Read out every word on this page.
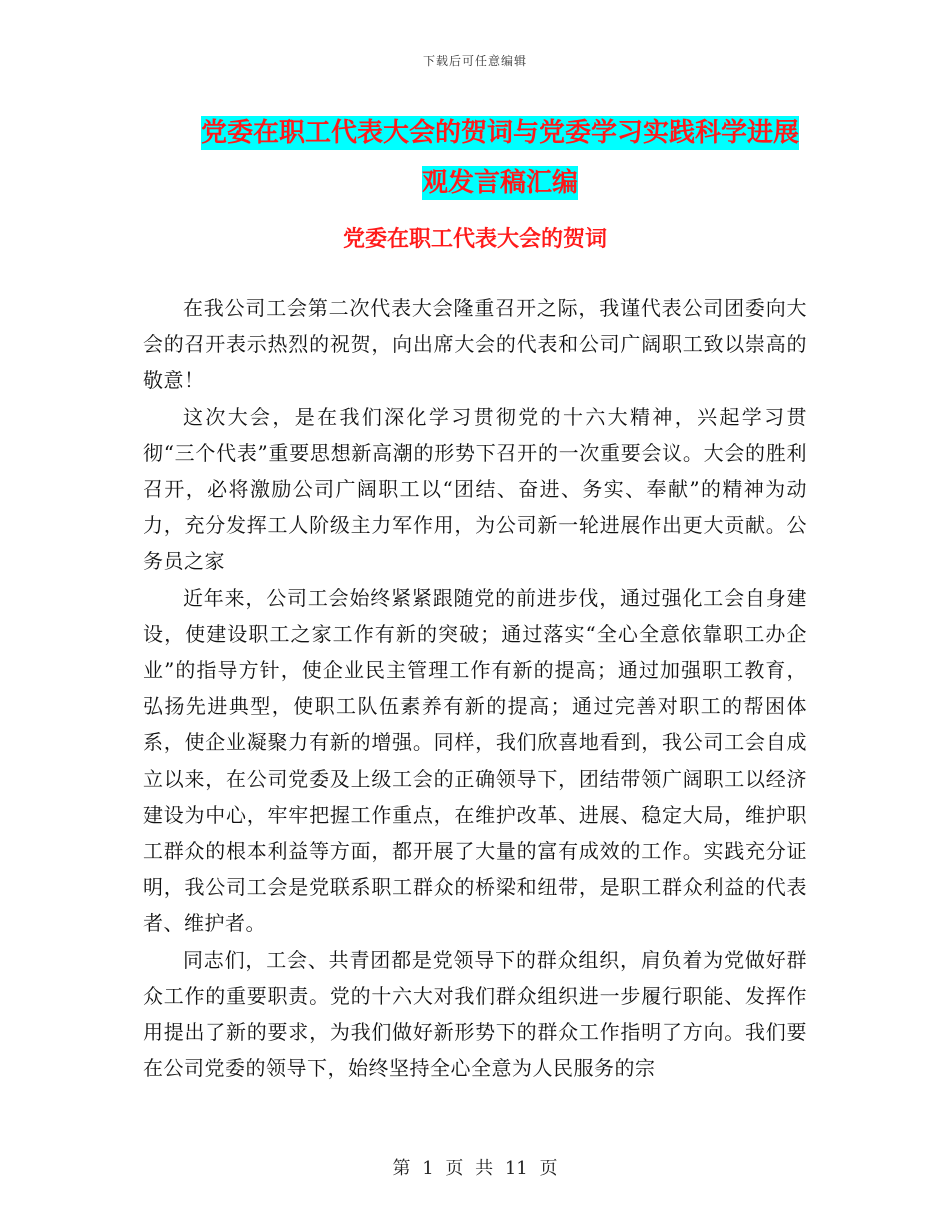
下载后可任意编辑
党委在职工代表大会的贺词与党委学习实践科学进展
观发言稿汇编
党委在职工代表大会的贺词

在我公司工会第二次代表大会隆重召开之际，我谨代表公司团委向大会的召开表示热烈的祝贺，向出席大会的代表和公司广阔职工致以崇高的敬意！

这次大会，是在我们深化学习贯彻党的十六大精神，兴起学习贯彻“三个代表”重要思想新高潮的形势下召开的一次重要会议。大会的胜利召开，必将激励公司广阔职工以“团结、奋进、务实、奉献”的精神为动力，充分发挥工人阶级主力军作用，为公司新一轮进展作出更大贡献。公务员之家

近年来，公司工会始终紧紧跟随党的前进步伐，通过强化工会自身建设，使建设职工之家工作有新的突破；通过落实“全心全意依靠职工办企业”的指导方针，使企业民主管理工作有新的提高；通过加强职工教育，弘扬先进典型，使职工队伍素养有新的提高；通过完善对职工的帮困体系，使企业凝聚力有新的增强。同样，我们欣喜地看到，我公司工会自成立以来，在公司党委及上级工会的正确领导下，团结带领广阔职工以经济建设为中心，牢牢把握工作重点，在维护改革、进展、稳定大局，维护职工群众的根本利益等方面，都开展了大量的富有成效的工作。实践充分证明，我公司工会是党联系职工群众的桥梁和纽带，是职工群众利益的代表者、维护者。

同志们，工会、共青团都是党领导下的群众组织，肩负着为党做好群众工作的重要职责。党的十六大对我们群众组织进一步履行职能、发挥作用提出了新的要求，为我们做好新形势下的群众工作指明了方向。我们要在公司党委的领导下，始终坚持全心全意为人民服务的宗

第 1 页 共 11 页
